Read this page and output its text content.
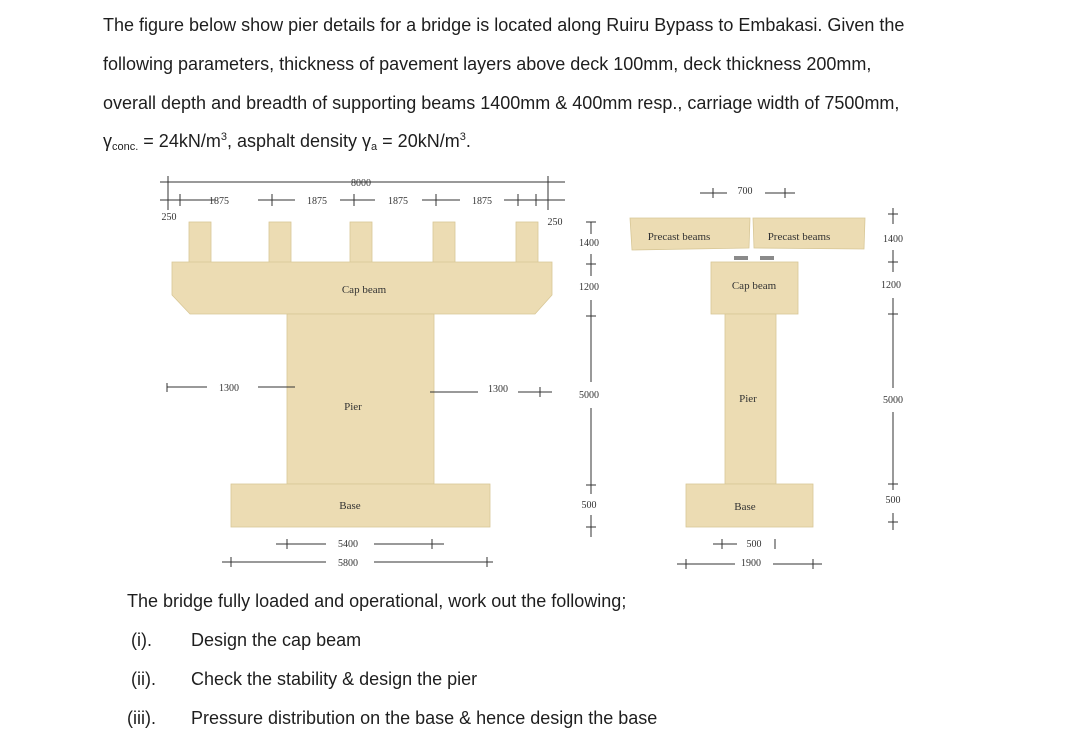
The figure below show pier details for a bridge is located along Ruiru Bypass to Embakasi. Given the

following parameters, thickness of pavement layers above deck 100mm, deck thickness 200mm,

overall depth and breadth of supporting beams 1400mm & 400mm resp., carriage width of 7500mm,

$\gamma_{conc.} = 24kN/m^3$, asphalt density $\gamma_a = 20kN/m^3$.

8000
1875	1875	1875	1875
250	250
Cap beam
Pier
Base
1300	1300
5400
5800
1400
1200
5000
500
700
Precast beams	Precast beams
Cap beam
Pier
Base
500
1900
1400
1200
5000
500

The bridge fully loaded and operational, work out the following;

(i). Design the cap beam

(ii). Check the stability & design the pier

(iii). Pressure distribution on the base & hence design the base
